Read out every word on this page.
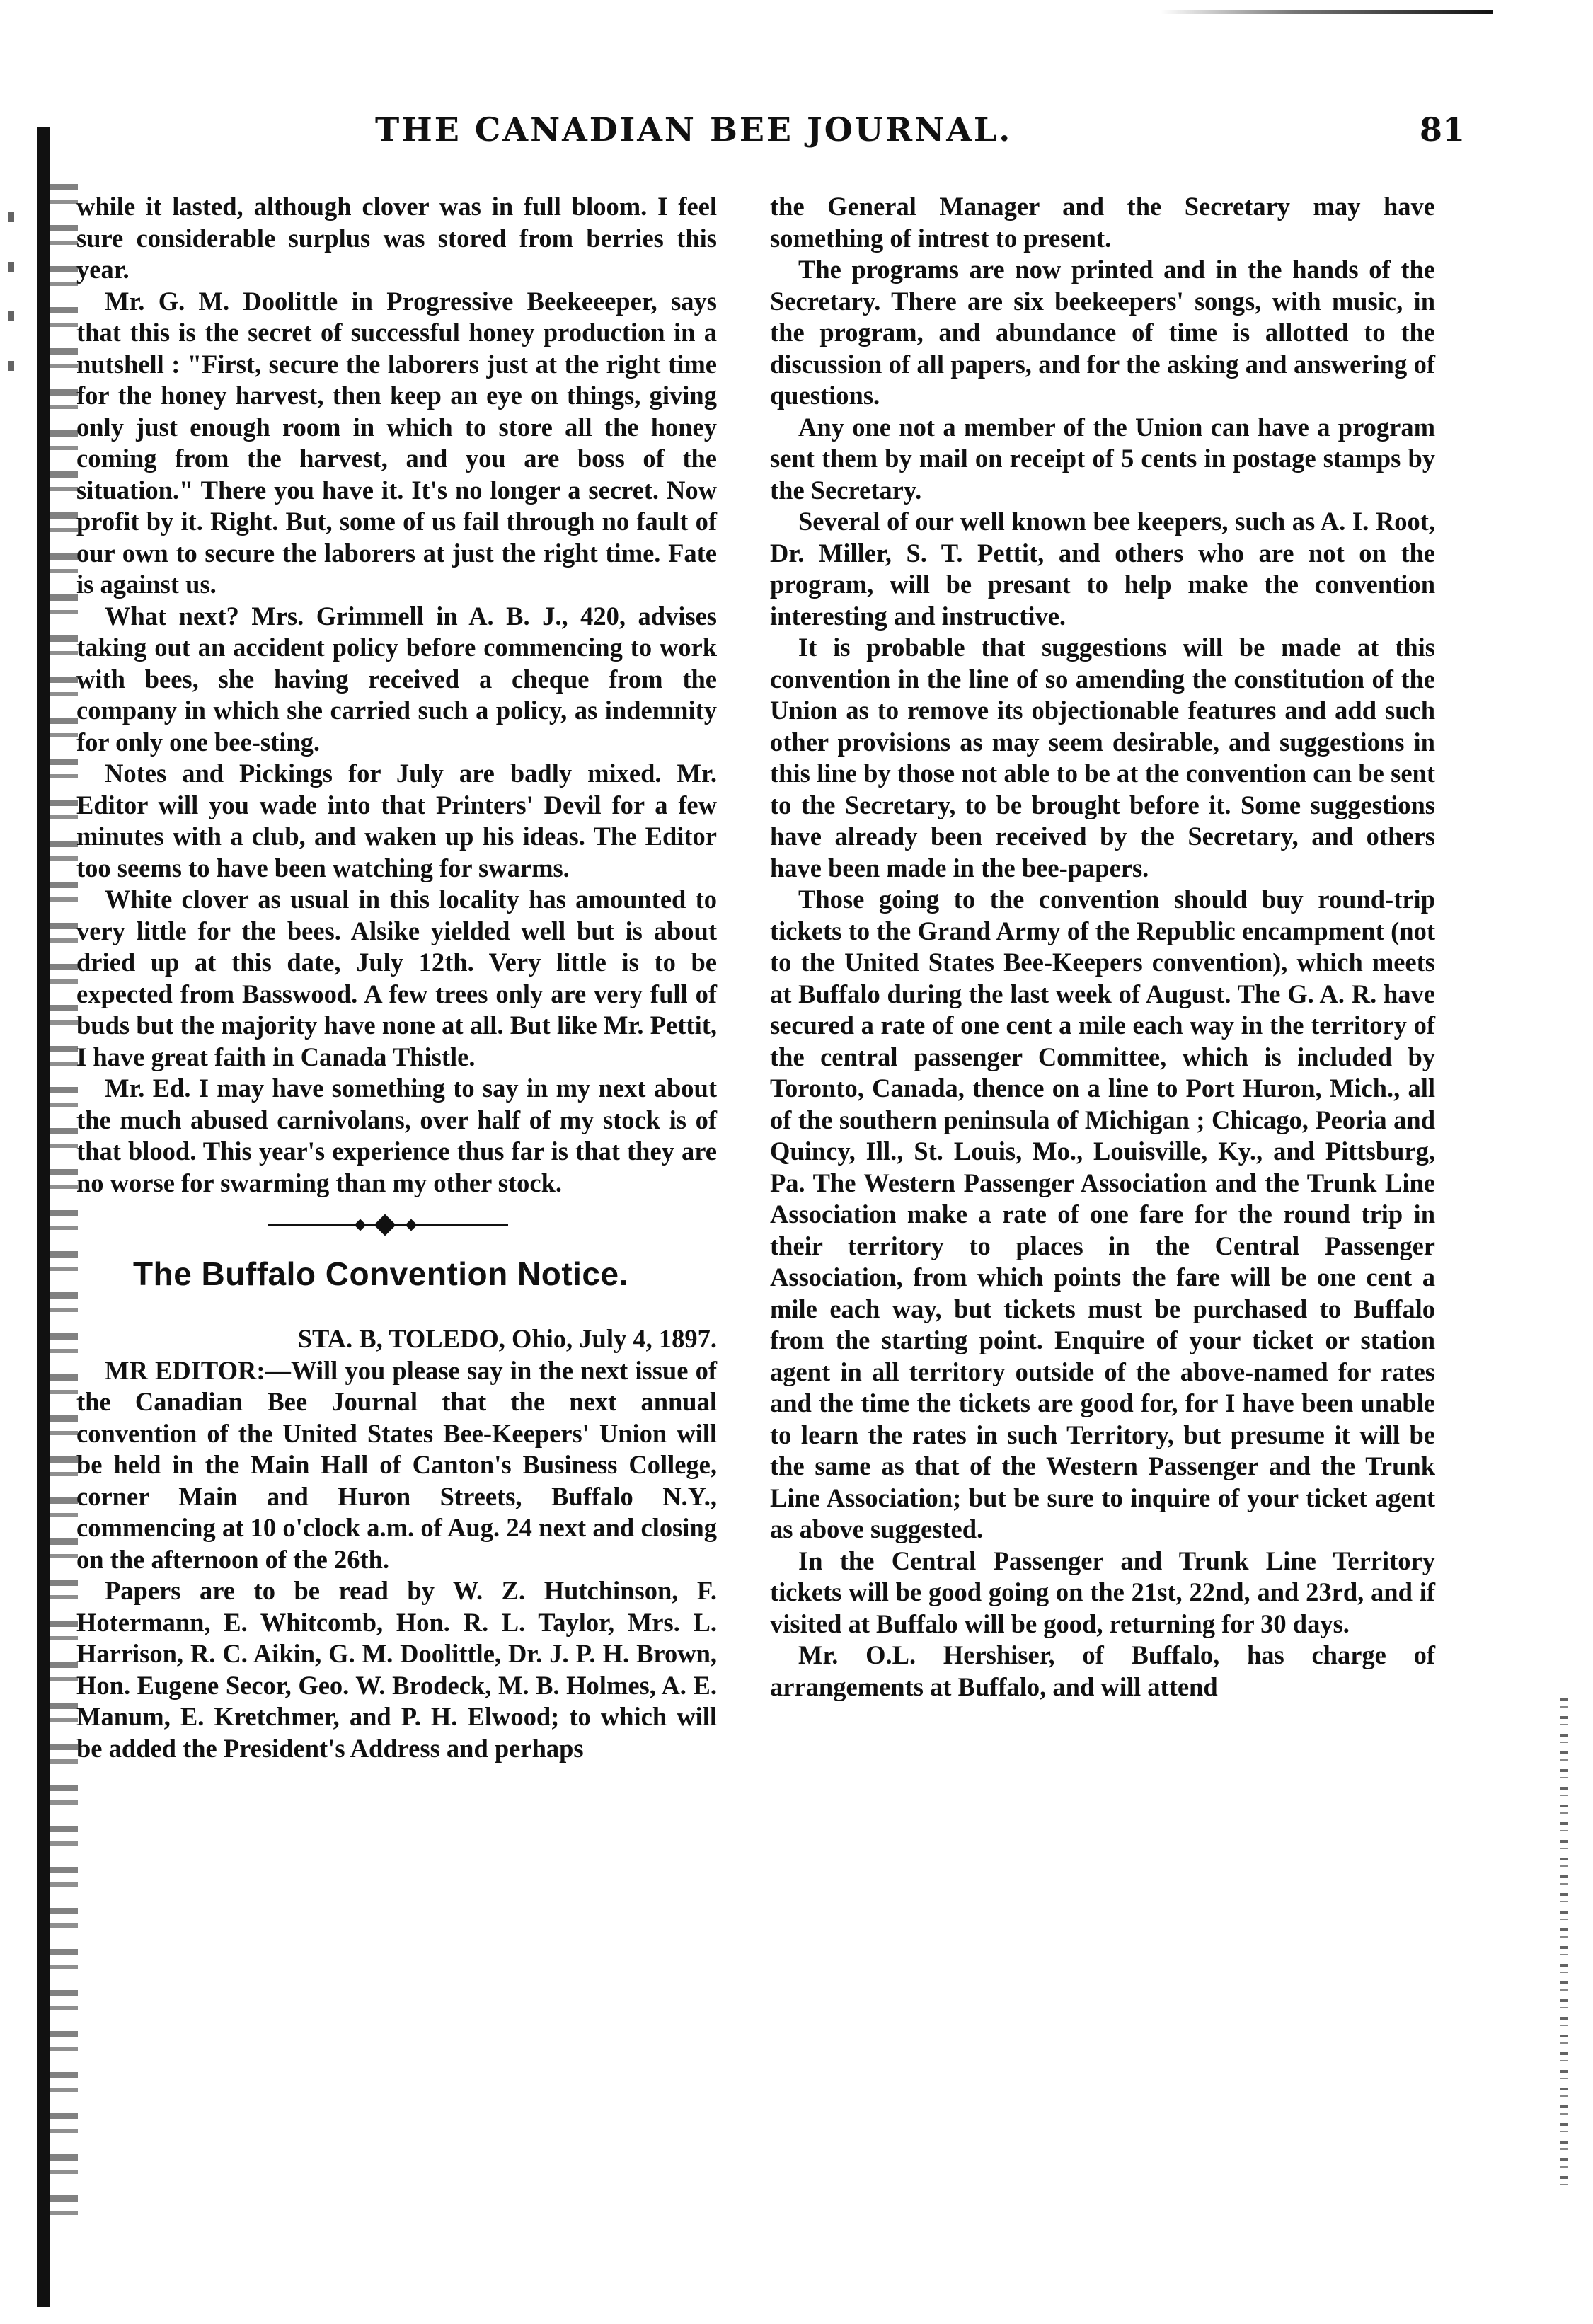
THE CANADIAN BEE JOURNAL.	81

while it lasted, although clover was in full bloom. I feel sure considerable surplus was stored from berries this year.

Mr. G. M. Doolittle in Progressive Beekeeeper, says that this is the secret of successful honey production in a nutshell : "First, secure the laborers just at the right time for the honey harvest, then keep an eye on things, giving only just enough room in which to store all the honey coming from the harvest, and you are boss of the situation." There you have it. It's no longer a secret. Now profit by it. Right. But, some of us fail through no fault of our own to secure the laborers at just the right time. Fate is against us.

What next? Mrs. Grimmell in A. B. J., 420, advises taking out an accident policy before commencing to work with bees, she having received a cheque from the company in which she carried such a policy, as indemnity for only one bee-sting.

Notes and Pickings for July are badly mixed. Mr. Editor will you wade into that Printers' Devil for a few minutes with a club, and waken up his ideas. The Editor too seems to have been watching for swarms.

White clover as usual in this locality has amounted to very little for the bees. Alsike yielded well but is about dried up at this date, July 12th. Very little is to be expected from Basswood. A few trees only are very full of buds but the majority have none at all. But like Mr. Pettit, I have great faith in Canada Thistle.

Mr. Ed. I may have something to say in my next about the much abused carnivolans, over half of my stock is of that blood. This year's experience thus far is that they are no worse for swarming than my other stock.

The Buffalo Convention Notice.

STA. B, TOLEDO, Ohio, July 4, 1897.

MR EDITOR:—Will you please say in the next issue of the Canadian Bee Journal that the next annual convention of the United States Bee-Keepers' Union will be held in the Main Hall of Canton's Business College, corner Main and Huron Streets, Buffalo N.Y., commencing at 10 o'clock a.m. of Aug. 24 next and closing on the afternoon of the 26th.

Papers are to be read by W. Z. Hutchinson, F. Hotermann, E. Whitcomb, Hon. R. L. Taylor, Mrs. L. Harrison, R. C. Aikin, G. M. Doolittle, Dr. J. P. H. Brown, Hon. Eugene Secor, Geo. W. Brodeck, M. B. Holmes, A. E. Manum, E. Kretchmer, and P. H. Elwood; to which will be added the President's Address and perhaps

the General Manager and the Secretary may have something of intrest to present.

The programs are now printed and in the hands of the Secretary. There are six beekeepers' songs, with music, in the program, and abundance of time is allotted to the discussion of all papers, and for the asking and answering of questions.

Any one not a member of the Union can have a program sent them by mail on receipt of 5 cents in postage stamps by the Secretary.

Several of our well known bee keepers, such as A. I. Root, Dr. Miller, S. T. Pettit, and others who are not on the program, will be presant to help make the convention interesting and instructive.

It is probable that suggestions will be made at this convention in the line of so amending the constitution of the Union as to remove its objectionable features and add such other provisions as may seem desirable, and suggestions in this line by those not able to be at the convention can be sent to the Secretary, to be brought before it. Some suggestions have already been received by the Secretary, and others have been made in the bee-papers.

Those going to the convention should buy round-trip tickets to the Grand Army of the Republic encampment (not to the United States Bee-Keepers convention), which meets at Buffalo during the last week of August. The G. A. R. have secured a rate of one cent a mile each way in the territory of the central passenger Committee, which is included by Toronto, Canada, thence on a line to Port Huron, Mich., all of the southern peninsula of Michigan ; Chicago, Peoria and Quincy, Ill., St. Louis, Mo., Louisville, Ky., and Pittsburg, Pa. The Western Passenger Association and the Trunk Line Association make a rate of one fare for the round trip in their territory to places in the Central Passenger Association, from which points the fare will be one cent a mile each way, but tickets must be purchased to Buffalo from the starting point. Enquire of your ticket or station agent in all territory outside of the above-named for rates and the time the tickets are good for, for I have been unable to learn the rates in such Territory, but presume it will be the same as that of the Western Passenger and the Trunk Line Association; but be sure to inquire of your ticket agent as above suggested.

In the Central Passenger and Trunk Line Territory tickets will be good going on the 21st, 22nd, and 23rd, and if visited at Buffalo will be good, returning for 30 days.

Mr. O.L. Hershiser, of Buffalo, has charge of arrangements at Buffalo, and will attend
